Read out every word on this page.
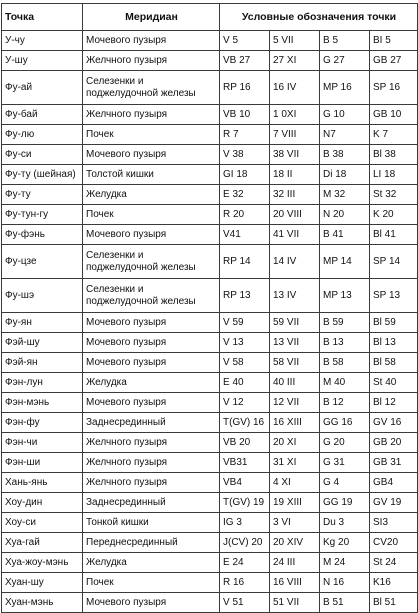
Точка	Меридиан	Условные обозначения точки			
У-чу	Мочевого пузыря	V 5	5 VII	B 5	BI 5
У-шу	Желчного пузыря	VB 27	27 XI	G 27	GB 27
Фу-ай	Селезенки и поджелудочной железы	RP 16	16 IV	MP 16	SP 16
Фу-бай	Желчного пузыря	VB 10	1 0XI	G 10	GB 10
Фу-лю	Почек	R 7	7 VIII	N7	K 7
Фу-си	Мочевого пузыря	V 38	38 VII	B 38	Bl 38
Фу-ту (шейная)	Толстой кишки	GI 18	18 II	Di 18	LI 18
Фу-ту	Желудка	E 32	32 III	M 32	St 32
Фу-тун-гу	Почек	R 20	20 VIII	N 20	K 20
Фу-фэнь	Мочевого пузыря	V41	41 VII	B 41	Bl 41
Фу-цзе	Селезенки и поджелудочной железы	RP 14	14 IV	MP 14	SP 14
Фу-шэ	Селезенки и поджелудочной железы	RP 13	13 IV	MP 13	SP 13
Фу-ян	Мочевого пузыря	V 59	59 VII	B 59	Bl 59
Фэй-шу	Мочевого пузыря	V 13	13 VII	B 13	Bl 13
Фэй-ян	Мочевого пузыря	V 58	58 VII	B 58	Bl 58
Фэн-лун	Желудка	E 40	40 III	M 40	St 40
Фэн-мэнь	Мочевого пузыря	V 12	12 VII	B 12	Bl 12
Фэн-фу	Заднесрединный	T(GV) 16	16 XIII	GG 16	GV 16
Фэн-чи	Желчного пузыря	VB 20	20 XI	G 20	GB 20
Фэн-ши	Желчного пузыря	VB31	31 XI	G 31	GB 31
Хань-янь	Желчного пузыря	VB4	4 XI	G 4	GB4
Хоу-дин	Заднесрединный	T(GV) 19	19 XIII	GG 19	GV 19
Хоу-си	Тонкой кишки	IG 3	3 VI	Du 3	SI3
Хуа-гай	Переднесрединный	J(CV) 20	20 XIV	Kg 20	CV20
Хуа-жоу-мэнь	Желудка	E 24	24 III	M 24	St 24
Хуан-шу	Почек	R 16	16 VIII	N 16	K16
Хуан-мэнь	Мочевого пузыря	V 51	51 VII	B 51	Bl 51
